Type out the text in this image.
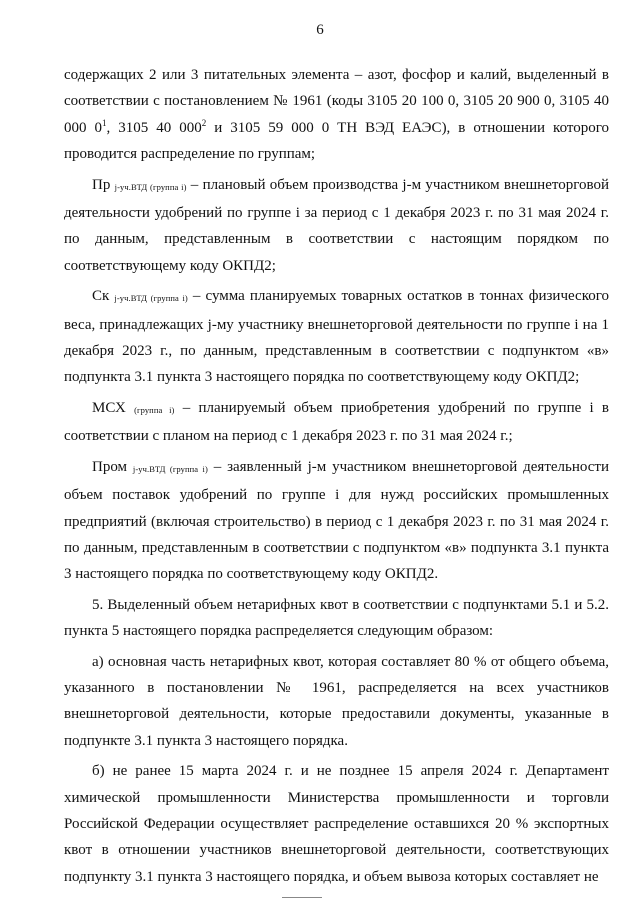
6

содержащих 2 или 3 питательных элемента – азот, фосфор и калий, выделенный в соответствии с постановлением № 1961 (коды 3105 20 100 0, 3105 20 900 0, 3105 40 000 $0^1$, 3105 40 $000^2$ и 3105 59 000 0 ТН ВЭД ЕАЭС), в отношении которого проводится распределение по группам;

Пр j-уч.ВТД (группа i) – плановый объем производства j-м участником внешнеторговой деятельности удобрений по группе i за период с 1 декабря 2023 г. по 31 мая 2024 г. по данным, представленным в соответствии с настоящим порядком по соответствующему коду ОКПД2;

Ск j-уч.ВТД (группа i) – сумма планируемых товарных остатков в тоннах физического веса, принадлежащих j-му участнику внешнеторговой деятельности по группе i на 1 декабря 2023 г., по данным, представленным в соответствии с подпунктом «в» подпункта 3.1 пункта 3 настоящего порядка по соответствующему коду ОКПД2;

МСХ (группа i) – планируемый объем приобретения удобрений по группе i в соответствии с планом на период с 1 декабря 2023 г. по 31 мая 2024 г.;

Пром j-уч.ВТД (группа i) – заявленный j-м участником внешнеторговой деятельности объем поставок удобрений по группе i для нужд российских промышленных предприятий (включая строительство) в период с 1 декабря 2023 г. по 31 мая 2024 г. по данным, представленным в соответствии с подпунктом «в» подпункта 3.1 пункта 3 настоящего порядка по соответствующему коду ОКПД2.

5. Выделенный объем нетарифных квот в соответствии с подпунктами 5.1 и 5.2. пункта 5 настоящего порядка распределяется следующим образом:

а) основная часть нетарифных квот, которая составляет 80 % от общего объема, указанного в постановлении № 1961, распределяется на всех участников внешнеторговой деятельности, которые предоставили документы, указанные в подпункте 3.1 пункта 3 настоящего порядка.

б) не ранее 15 марта 2024 г. и не позднее 15 апреля 2024 г. Департамент химической промышленности Министерства промышленности и торговли Российской Федерации осуществляет распределение оставшихся 20 % экспортных квот в отношении участников внешнеторговой деятельности, соответствующих подпункту 3.1 пункта 3 настоящего порядка, и объем вывоза которых составляет не
